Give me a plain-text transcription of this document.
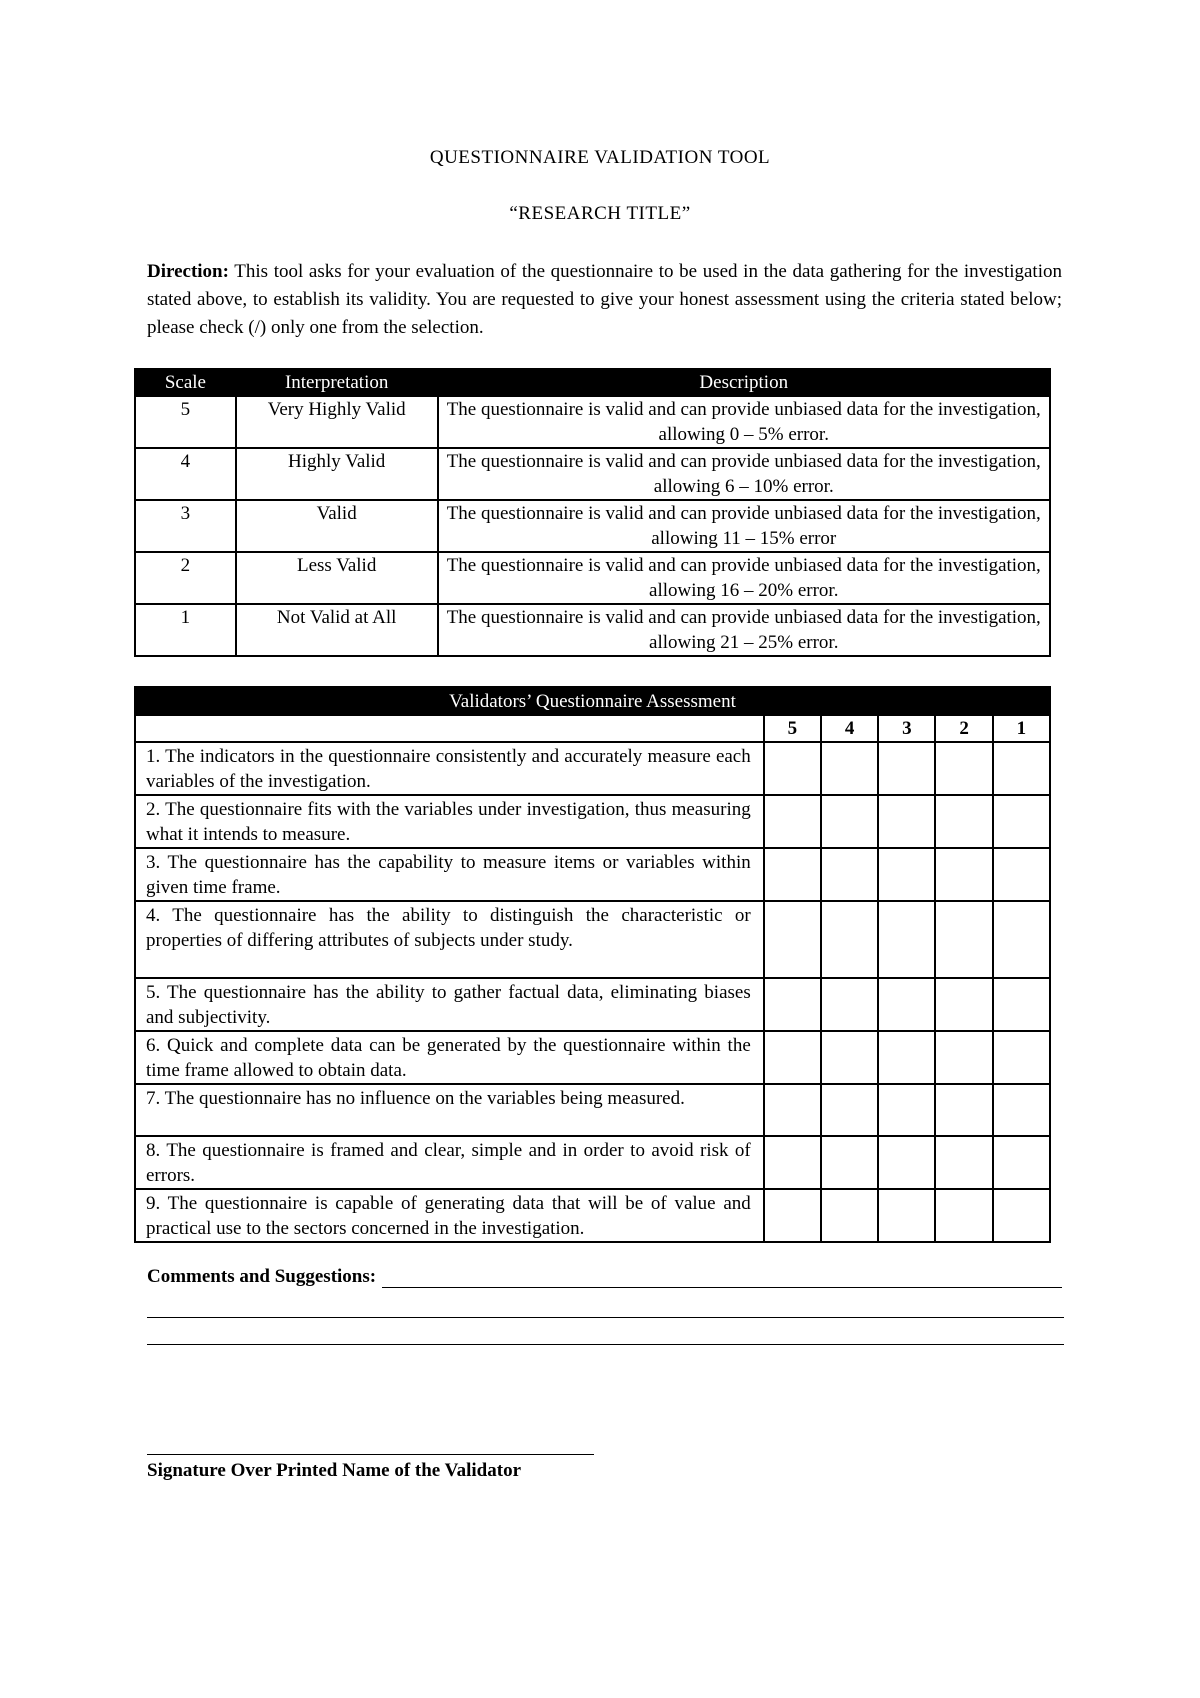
QUESTIONNAIRE VALIDATION TOOL
“RESEARCH TITLE”
Direction: This tool asks for your evaluation of the questionnaire to be used in the data gathering for the investigation stated above, to establish its validity. You are requested to give your honest assessment using the criteria stated below; please check (/) only one from the selection.
Scale	Interpretation	Description
5	Very Highly Valid	The questionnaire is valid and can provide unbiased data for the investigation, allowing 0 – 5% error.
4	Highly Valid	The questionnaire is valid and can provide unbiased data for the investigation, allowing 6 – 10% error.
3	Valid	The questionnaire is valid and can provide unbiased data for the investigation, allowing 11 – 15% error
2	Less Valid	The questionnaire is valid and can provide unbiased data for the investigation, allowing 16 – 20% error.
1	Not Valid at All	The questionnaire is valid and can provide unbiased data for the investigation, allowing 21 – 25% error.
Validators’ Questionnaire Assessment					
	5	4	3	2	1
1. The indicators in the questionnaire consistently and accurately measure each variables of the investigation.					
2. The questionnaire fits with the variables under investigation, thus measuring what it intends to measure.					
3. The questionnaire has the capability to measure items or variables within given time frame.					
4. The questionnaire has the ability to distinguish the characteristic or properties of differing attributes of subjects under study.					
5. The questionnaire has the ability to gather factual data, eliminating biases and subjectivity.					
6. Quick and complete data can be generated by the questionnaire within the time frame allowed to obtain data.					
7. The questionnaire has no influence on the variables being measured.					
8. The questionnaire is framed and clear, simple and in order to avoid risk of errors.					
9. The questionnaire is capable of generating data that will be of value and practical use to the sectors concerned in the investigation.					
Comments and Suggestions:
Signature Over Printed Name of the Validator
